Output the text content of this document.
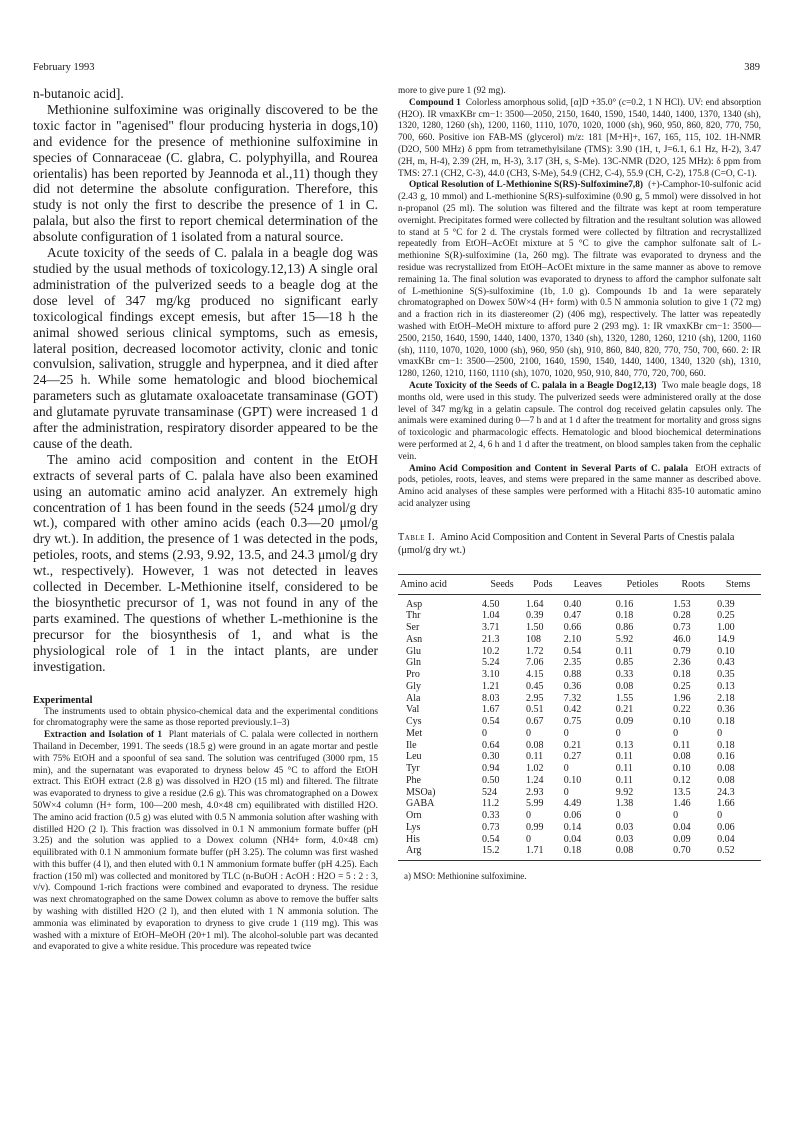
February 1993	389

n-butanoic acid].

Methionine sulfoximine was originally discovered to be the toxic factor in "agenised" flour producing hysteria in dogs,10) and evidence for the presence of methionine sulfoximine in species of Connaraceae (C. glabra, C. polyphyilla, and Rourea orientalis) has been reported by Jeannoda et al.,11) though they did not determine the absolute configuration. Therefore, this study is not only the first to describe the presence of 1 in C. palala, but also the first to report chemical determination of the absolute configuration of 1 isolated from a natural source.

Acute toxicity of the seeds of C. palala in a beagle dog was studied by the usual methods of toxicology.12,13) A single oral administration of the pulverized seeds to a beagle dog at the dose level of 347 mg/kg produced no significant early toxicological findings except emesis, but after 15—18 h the animal showed serious clinical symptoms, such as emesis, lateral position, decreased locomotor activity, clonic and tonic convulsion, salivation, struggle and hyperpnea, and it died after 24—25 h. While some hematologic and blood biochemical parameters such as glutamate oxaloacetate transaminase (GOT) and glutamate pyruvate transaminase (GPT) were increased 1 d after the administration, respiratory disorder appeared to be the cause of the death.

The amino acid composition and content in the EtOH extracts of several parts of C. palala have also been examined using an automatic amino acid analyzer. An extremely high concentration of 1 has been found in the seeds (524 μmol/g dry wt.), compared with other amino acids (each 0.3—20 μmol/g dry wt.). In addition, the presence of 1 was detected in the pods, petioles, roots, and stems (2.93, 9.92, 13.5, and 24.3 μmol/g dry wt., respectively). However, 1 was not detected in leaves collected in December. L-Methionine itself, considered to be the biosynthetic precursor of 1, was not found in any of the parts examined. The questions of whether L-methionine is the precursor for the biosynthesis of 1, and what is the physiological role of 1 in the intact plants, are under investigation.

Experimental

The instruments used to obtain physico-chemical data and the experimental conditions for chromatography were the same as those reported previously.1–3)

Extraction and Isolation of 1 Plant materials of C. palala were collected in northern Thailand in December, 1991. The seeds (18.5 g) were ground in an agate mortar and pestle with 75% EtOH and a spoonful of sea sand. The solution was centrifuged (3000 rpm, 15 min), and the supernatant was evaporated to dryness below 45 °C to afford the EtOH extract. This EtOH extract (2.8 g) was dissolved in H2O (15 ml) and filtered. The filtrate was evaporated to dryness to give a residue (2.6 g). This was chromatographed on a Dowex 50W×4 column (H+ form, 100—200 mesh, 4.0×48 cm) equilibrated with distilled H2O. The amino acid fraction (0.5 g) was eluted with 0.5 N ammonia solution after washing with distilled H2O (2 l). This fraction was dissolved in 0.1 N ammonium formate buffer (pH 3.25) and the solution was applied to a Dowex column (NH4+ form, 4.0×48 cm) equilibrated with 0.1 N ammonium formate buffer (pH 3.25). The column was first washed with this buffer (4 l), and then eluted with 0.1 N ammonium formate buffer (pH 4.25). Each fraction (150 ml) was collected and monitored by TLC (n-BuOH : AcOH : H2O = 5 : 2 : 3, v/v). Compound 1-rich fractions were combined and evaporated to dryness. The residue was next chromatographed on the same Dowex column as above to remove the buffer salts by washing with distilled H2O (2 l), and then eluted with 1 N ammonia solution. The ammonia was eliminated by evaporation to dryness to give crude 1 (119 mg). This was washed with a mixture of EtOH–MeOH (20+1 ml). The alcohol-soluble part was decanted and evaporated to give a white residue. This procedure was repeated twice

more to give pure 1 (92 mg).

Compound 1 Colorless amorphous solid, [α]D +35.0° (c=0.2, 1 N HCl). UV: end absorption (H2O). IR νmaxKBr cm−1: 3500—2050, 2150, 1640, 1590, 1540, 1440, 1400, 1370, 1340 (sh), 1320, 1280, 1260 (sh), 1200, 1160, 1110, 1070, 1020, 1000 (sh), 960, 950, 860, 820, 770, 750, 700, 660. Positive ion FAB-MS (glycerol) m/z: 181 [M+H]+, 167, 165, 115, 102. 1H-NMR (D2O, 500 MHz) δ ppm from tetramethylsilane (TMS): 3.90 (1H, t, J=6.1, 6.1 Hz, H-2), 3.47 (2H, m, H-4), 2.39 (2H, m, H-3), 3.17 (3H, s, S-Me). 13C-NMR (D2O, 125 MHz): δ ppm from TMS: 27.1 (CH2, C-3), 44.0 (CH3, S-Me), 54.9 (CH2, C-4), 55.9 (CH, C-2), 175.8 (C=O, C-1).

Optical Resolution of L-Methionine S(RS)-Sulfoximine7,8) (+)-Camphor-10-sulfonic acid (2.43 g, 10 mmol) and L-methionine S(RS)-sulfoximine (0.90 g, 5 mmol) were dissolved in hot n-propanol (25 ml). The solution was filtered and the filtrate was kept at room temperature overnight. Precipitates formed were collected by filtration and the resultant solution was allowed to stand at 5 °C for 2 d. The crystals formed were collected by filtration and recrystallized repeatedly from EtOH–AcOEt mixture at 5 °C to give the camphor sulfonate salt of L-methionine S(R)-sulfoximine (1a, 260 mg). The filtrate was evaporated to dryness and the residue was recrystallized from EtOH–AcOEt mixture in the same manner as above to remove remaining 1a. The final solution was evaporated to dryness to afford the camphor sulfonate salt of L-methionine S(S)-sulfoximine (1b, 1.0 g). Compounds 1b and 1a were separately chromatographed on Dowex 50W×4 (H+ form) with 0.5 N ammonia solution to give 1 (72 mg) and a fraction rich in its diastereomer (2) (406 mg), respectively. The latter was repeatedly washed with EtOH–MeOH mixture to afford pure 2 (293 mg). 1: IR νmaxKBr cm−1: 3500—2500, 2150, 1640, 1590, 1440, 1400, 1370, 1340 (sh), 1320, 1280, 1260, 1210 (sh), 1200, 1160 (sh), 1110, 1070, 1020, 1000 (sh), 960, 950 (sh), 910, 860, 840, 820, 770, 750, 700, 660. 2: IR νmaxKBr cm−1: 3500—2500, 2100, 1640, 1590, 1540, 1440, 1400, 1340, 1320 (sh), 1310, 1280, 1260, 1210, 1160, 1110 (sh), 1070, 1020, 950, 910, 840, 770, 720, 700, 660.

Acute Toxicity of the Seeds of C. palala in a Beagle Dog12,13) Two male beagle dogs, 18 months old, were used in this study. The pulverized seeds were administered orally at the dose level of 347 mg/kg in a gelatin capsule. The control dog received gelatin capsules only. The animals were examined during 0—7 h and at 1 d after the treatment for mortality and gross signs of toxicologic and pharmacologic effects. Hematologic and blood biochemical determinations were performed at 2, 4, 6 h and 1 d after the treatment, on blood samples taken from the cephalic vein.

Amino Acid Composition and Content in Several Parts of C. palala EtOH extracts of pods, petioles, roots, leaves, and stems were prepared in the same manner as described above. Amino acid analyses of these samples were performed with a Hitachi 835-10 automatic amino acid analyzer using

Table I. Amino Acid Composition and Content in Several Parts of Cnestis palala (μmol/g dry wt.)
Amino acid	Seeds	Pods	Leaves	Petioles	Roots	Stems
Asp	4.50	1.64	0.40	0.16	1.53	0.39
Thr	1.04	0.39	0.47	0.18	0.28	0.25
Ser	3.71	1.50	0.66	0.86	0.73	1.00
Asn	21.3	108	2.10	5.92	46.0	14.9
Glu	10.2	1.72	0.54	0.11	0.79	0.10
Gln	5.24	7.06	2.35	0.85	2.36	0.43
Pro	3.10	4.15	0.88	0.33	0.18	0.35
Gly	1.21	0.45	0.36	0.08	0.25	0.13
Ala	8.03	2.95	7.32	1.55	1.96	2.18
Val	1.67	0.51	0.42	0.21	0.22	0.36
Cys	0.54	0.67	0.75	0.09	0.10	0.18
Met	0	0	0	0	0	0
Ile	0.64	0.08	0.21	0.13	0.11	0.18
Leu	0.30	0.11	0.27	0.11	0.08	0.16
Tyr	0.94	1.02	0	0.11	0.10	0.08
Phe	0.50	1.24	0.10	0.11	0.12	0.08
MSOa)	524	2.93	0	9.92	13.5	24.3
GABA	11.2	5.99	4.49	1.38	1.46	1.66
Orn	0.33	0	0.06	0	0	0
Lys	0.73	0.99	0.14	0.03	0.04	0.06
His	0.54	0	0.04	0.03	0.09	0.04
Arg	15.2	1.71	0.18	0.08	0.70	0.52
a) MSO: Methionine sulfoximine.
